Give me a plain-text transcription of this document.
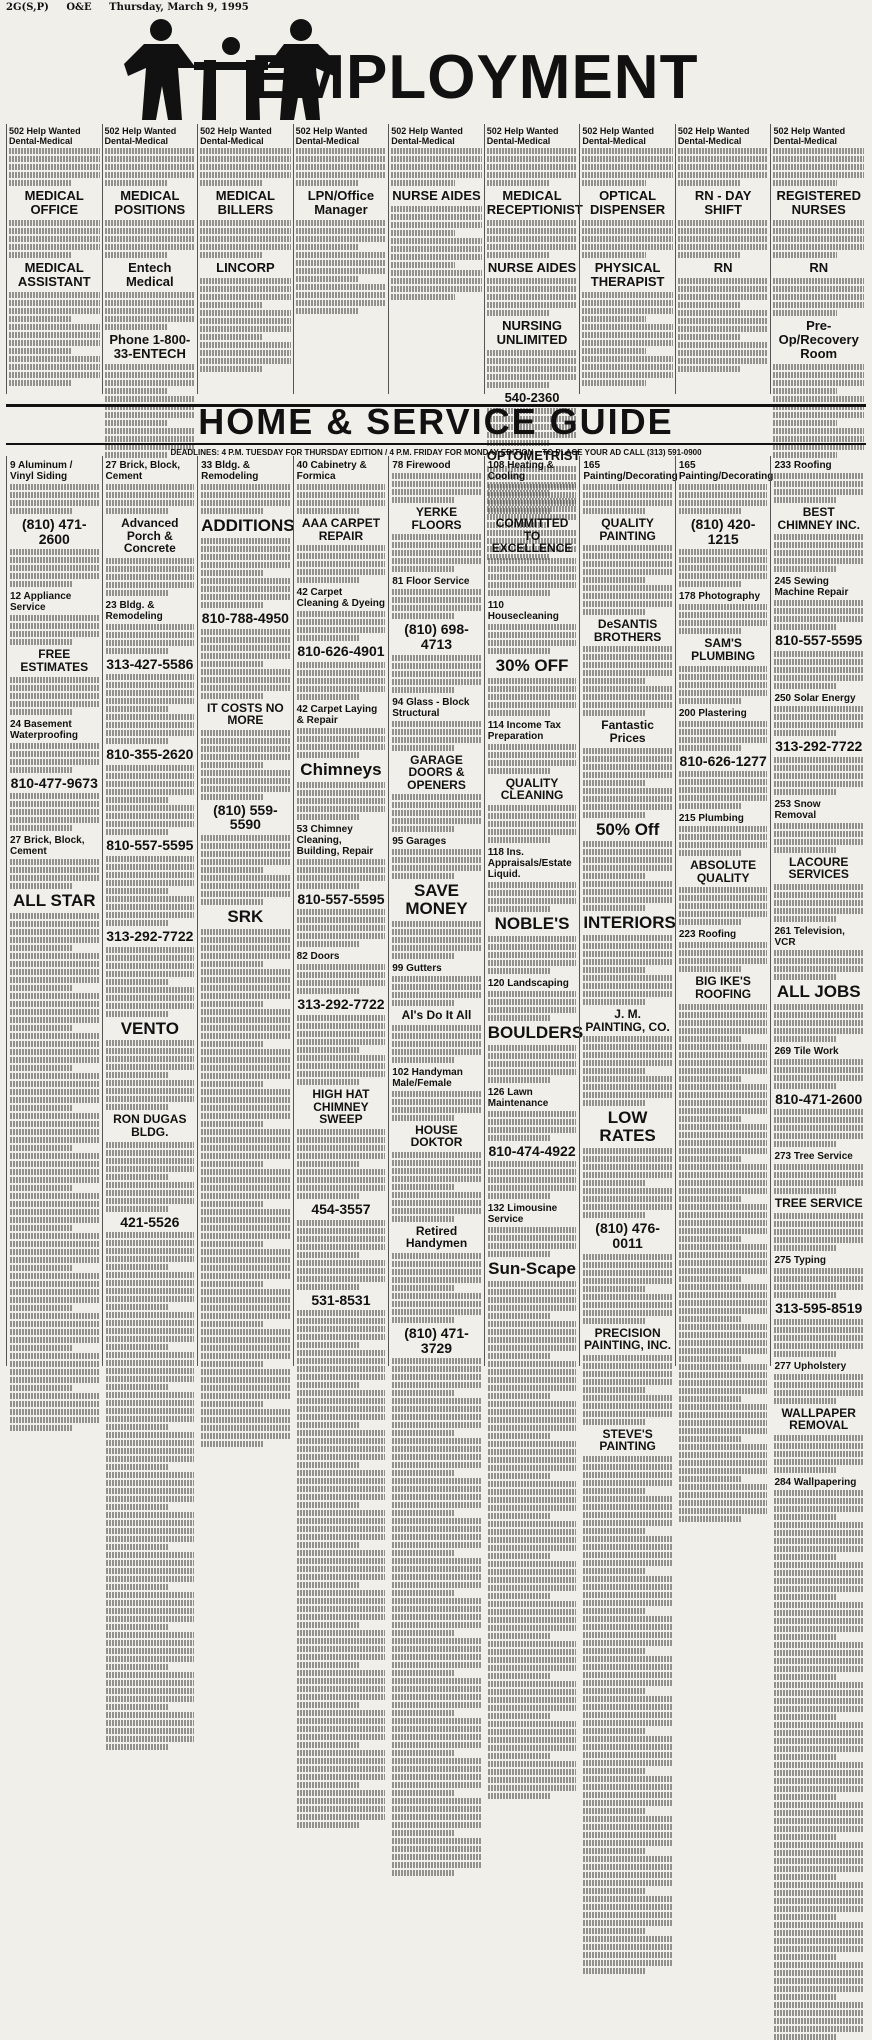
2G(S,P) O&E Thursday, March 9, 1995
EMPLOYMENT
502 Help Wanted Dental-Medical
MEDICAL OFFICE
MEDICAL ASSISTANT
502 Help Wanted Dental-Medical
MEDICAL POSITIONS
Entech Medical
Phone 1-800-33-ENTECH
502 Help Wanted Dental-Medical
MEDICAL BILLERS
LINCORP
502 Help Wanted Dental-Medical
LPN/Office Manager
502 Help Wanted Dental-Medical
NURSE AIDES
502 Help Wanted Dental-Medical
MEDICAL RECEPTIONIST
NURSE AIDES
NURSING UNLIMITED
540-2360
OPTOMETRIST
502 Help Wanted Dental-Medical
OPTICAL DISPENSER
PHYSICAL THERAPIST
502 Help Wanted Dental-Medical
RN - DAY SHIFT
RN
502 Help Wanted Dental-Medical
REGISTERED NURSES
RN
Pre-Op/Recovery Room
HOME & SERVICE GUIDE
DEADLINES: 4 P.M. TUESDAY FOR THURSDAY EDITION / 4 P.M. FRIDAY FOR MONDAY EDITION TO PLACE YOUR AD CALL (313) 591-0900
9 Aluminum / Vinyl Siding
(810) 471-2600
12 Appliance Service
FREE ESTIMATES
24 Basement Waterproofing
810-477-9673
27 Brick, Block, Cement
ALL STAR
27 Brick, Block, Cement
Advanced Porch & Concrete
23 Bldg. & Remodeling
313-427-5586
810-355-2620
810-557-5595
313-292-7722
VENTO
RON DUGAS BLDG.
421-5526
33 Bldg. & Remodeling
ADDITIONS
810-788-4950
IT COSTS NO MORE
(810) 559-5590
SRK
40 Cabinetry & Formica
AAA CARPET REPAIR
42 Carpet Cleaning & Dyeing
810-626-4901
42 Carpet Laying & Repair
Chimneys
53 Chimney Cleaning, Building, Repair
810-557-5595
82 Doors
313-292-7722
HIGH HAT CHIMNEY SWEEP
454-3557
531-8531
78 Firewood
YERKE FLOORS
81 Floor Service
(810) 698-4713
94 Glass - Block Structural
GARAGE DOORS & OPENERS
95 Garages
SAVE MONEY
99 Gutters
Al's Do It All
102 Handyman Male/Female
HOUSE DOKTOR
Retired Handymen
(810) 471-3729
108 Heating & Cooling
COMMITTED TO EXCELLENCE
110 Housecleaning
30% OFF
114 Income Tax Preparation
QUALITY CLEANING
118 Ins. Appraisals/Estate Liquid.
NOBLE'S
120 Landscaping
BOULDERS
126 Lawn Maintenance
810-474-4922
132 Limousine Service
Sun-Scape
165 Painting/Decorating
QUALITY PAINTING
DeSANTIS BROTHERS
Fantastic Prices
50% Off
INTERIORS
J. M. PAINTING, CO.
LOW RATES
(810) 476-0011
PRECISION PAINTING, INC.
STEVE'S PAINTING
165 Painting/Decorating
(810) 420-1215
178 Photography
SAM'S PLUMBING
200 Plastering
810-626-1277
215 Plumbing
ABSOLUTE QUALITY
223 Roofing
BIG IKE'S ROOFING
233 Roofing
BEST CHIMNEY INC.
245 Sewing Machine Repair
810-557-5595
250 Solar Energy
313-292-7722
253 Snow Removal
LACOURE SERVICES
261 Television, VCR
ALL JOBS
269 Tile Work
810-471-2600
273 Tree Service
TREE SERVICE
275 Typing
313-595-8519
277 Upholstery
WALLPAPER REMOVAL
284 Wallpapering
